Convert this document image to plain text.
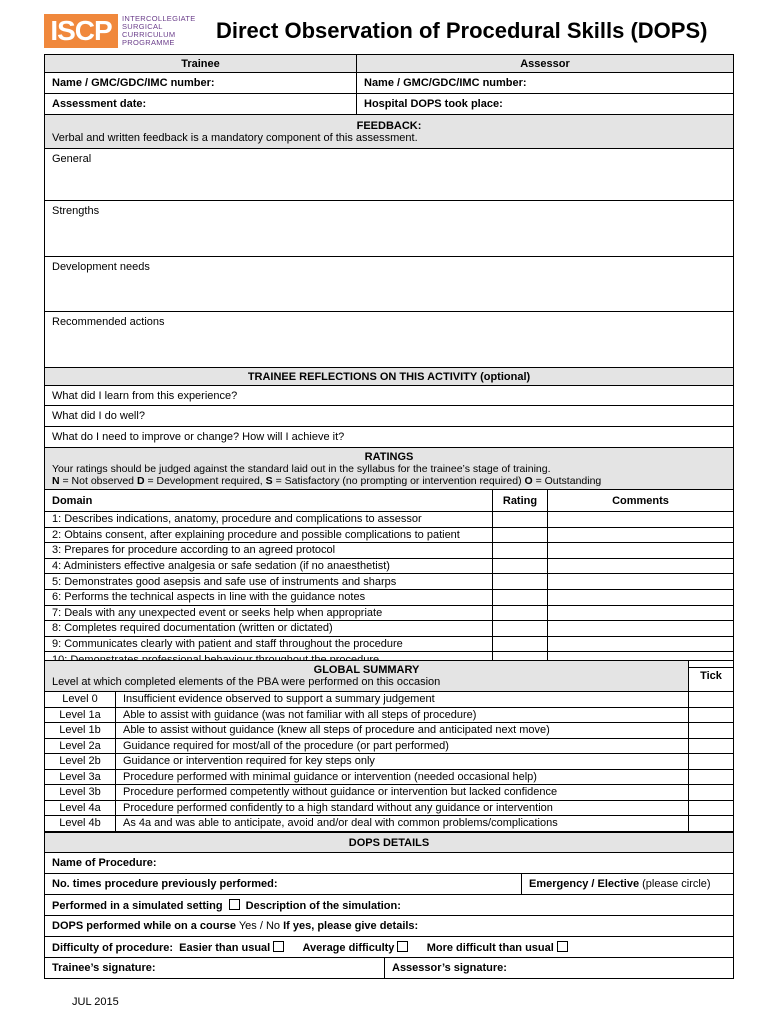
ISCP	INTERCOLLEGIATE
SURGICAL
CURRICULUM
PROGRAMME	Direct Observation of Procedural Skills (DOPS)
Trainee	Assessor		
Name / GMC/GDC/IMC number:	Name / GMC/GDC/IMC number:		
Assessment date:	Hospital DOPS took place:		

FEEDBACK:
Verbal and written feedback is a mandatory component of this assessment.			

General			
Strengths			
Development needs			
Recommended actions			
TRAINEE REFLECTIONS ON THIS ACTIVITY (optional)			
What did I learn from this experience?			
What did I do well?			
What do I need to improve or change? How will I achieve it?			

RATINGS
Your ratings should be judged against the standard laid out in the syllabus for the trainee’s stage of training.
N = Not observed D = Development required, S = Satisfactory (no prompting or intervention required) O = Outstanding			

Domain		Rating	Comments
1: Describes indications, anatomy, procedure and complications to assessor			
2: Obtains consent, after explaining procedure and possible complications to patient			
3: Prepares for procedure according to an agreed protocol			
4: Administers effective analgesia or safe sedation (if no anaesthetist)			
5: Demonstrates good asepsis and safe use of instruments and sharps			
6: Performs the technical aspects in line with the guidance notes			
7: Deals with any unexpected event or seeks help when appropriate			
8: Completes required documentation (written or dictated)			
9: Communicates clearly with patient and staff throughout the procedure			

GLOBAL SUMMARY
Level at which completed elements of the PBA were performed on this occasion		Tick
Level 0	Insufficient evidence observed to support a summary judgement	
Level 1a	Able to assist with guidance (was not familiar with all steps of procedure)	
Level 1b	Able to assist without guidance (knew all steps of procedure and anticipated next move)	
Level 2a	Guidance required for most/all of the procedure (or part performed)	
Level 2b	Guidance or intervention required for key steps only	
Level 3a	Procedure performed with minimal guidance or intervention (needed occasional help)	
Level 3b	Procedure performed competently without guidance or intervention but lacked confidence	
Level 4a	Procedure performed confidently to a high standard without any guidance or intervention	
Level 4b	As 4a and was able to anticipate, avoid and/or deal with common problems/complications	
DOPS DETAILS		
Name of Procedure:		
No. times procedure previously performed:		Emergency / Elective (please circle)
Performed in a simulated setting Description of the simulation:		
DOPS performed while on a course Yes / No If yes, please give details:		
Difficulty of procedure: Easier than usual Average difficulty More difficult than usual		
Trainee’s signature:	Assessor’s signature:	
JUL 2015
